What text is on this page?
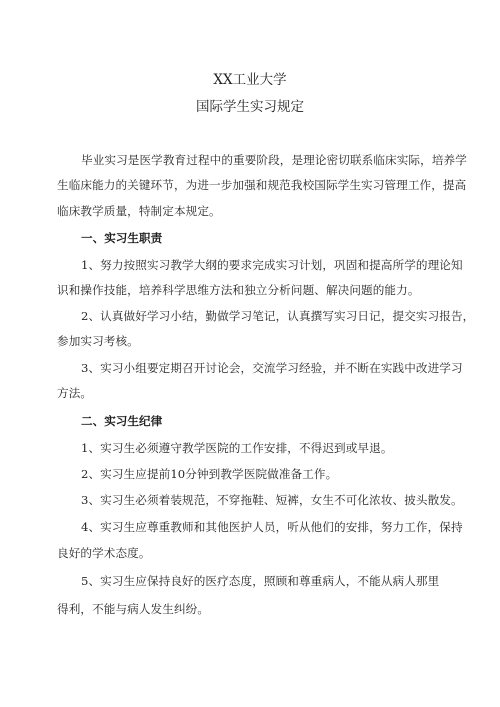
XX工业大学
国际学生实习规定
毕业实习是医学教育过程中的重要阶段，是理论密切联系临床实际，培养学
生临床能力的关键环节，为进一步加强和规范我校国际学生实习管理工作，提高
临床教学质量，特制定本规定。
一、实习生职责
1、努力按照实习教学大纲的要求完成实习计划，巩固和提高所学的理论知
识和操作技能，培养科学思维方法和独立分析问题、解决问题的能力。
2、认真做好学习小结，勤做学习笔记，认真撰写实习日记，提交实习报告，
参加实习考核。
3、实习小组要定期召开讨论会，交流学习经验，并不断在实践中改进学习
方法。
二、实习生纪律
1、实习生必须遵守教学医院的工作安排，不得迟到或早退。
2、实习生应提前10分钟到教学医院做准备工作。
3、实习生必须着装规范，不穿拖鞋、短裤，女生不可化浓妆、披头散发。
4、实习生应尊重教师和其他医护人员，听从他们的安排，努力工作，保持
良好的学术态度。
5、实习生应保持良好的医疗态度，照顾和尊重病人，不能从病人那里
得利，不能与病人发生纠纷。
